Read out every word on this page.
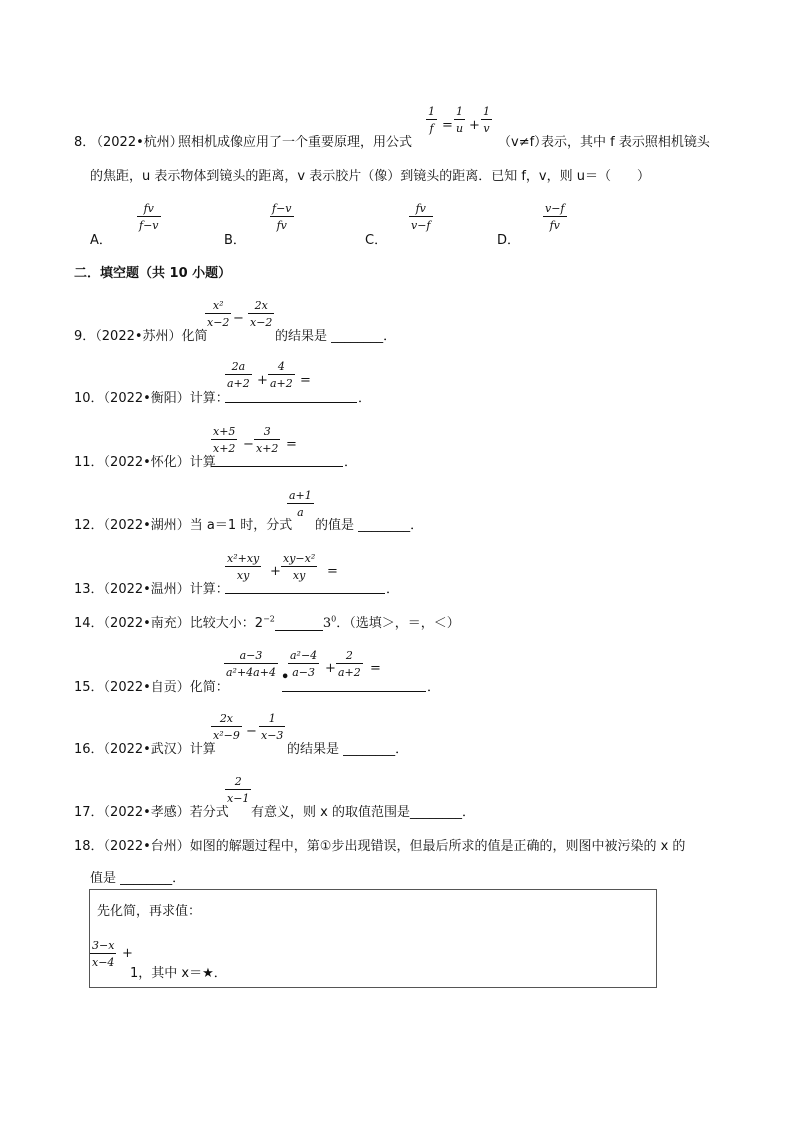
8．
（2022•杭州）
照相机成像应用了一个重要原理，用公式
1
f =
1
u +
1
v
（v≠f）
表示，其中 f 表示照相机镜头
的焦距，u 表示物体到镜头的距离，v 表示胶片（像）到镜头的距离．已知 f，v，则 u＝（　　）
A．
fv
f−v
B．
f−v
fv
C．
fv
v−f
D．
v−f
fv
二．填空题（共 10 小题）
9．（2022•苏州）化简
x²
x−2 −
2x
x−2
的结果是 ________．
10．（2022•衡阳）计算：
2a
a+2 +
4
a+2 =
．
11．（2022•怀化）计算
x+5
x+2 −
3
x+2 =
．
12．（2022•湖州）当 a＝1 时，分式
a+1
a
的值是 ________．
13．（2022•温州）计算：
x²+xy
xy +
xy−x²
xy =
．
14．（2022•南充）比较大小：$2^{-2}$	$3^0$．（选填＞，＝，＜）
15．（2022•自贡）化简：
a−3
a²+4a+4 •
a²−4
a−3 +
2
a+2 =
．
16．（2022•武汉）计算
2x
x²−9 −
1
x−3
的结果是 ________．
17．（2022•孝感）若分式
2
x−1
有意义，则 x 的取值范围是________．
18．（2022•台州）如图的解题过程中，第①步出现错误，但最后所求的值是正确的，则图中被污染的 x 的
值是 ________．
先化简，再求值：
3−x
x−4
+
1，其中 x＝★．
